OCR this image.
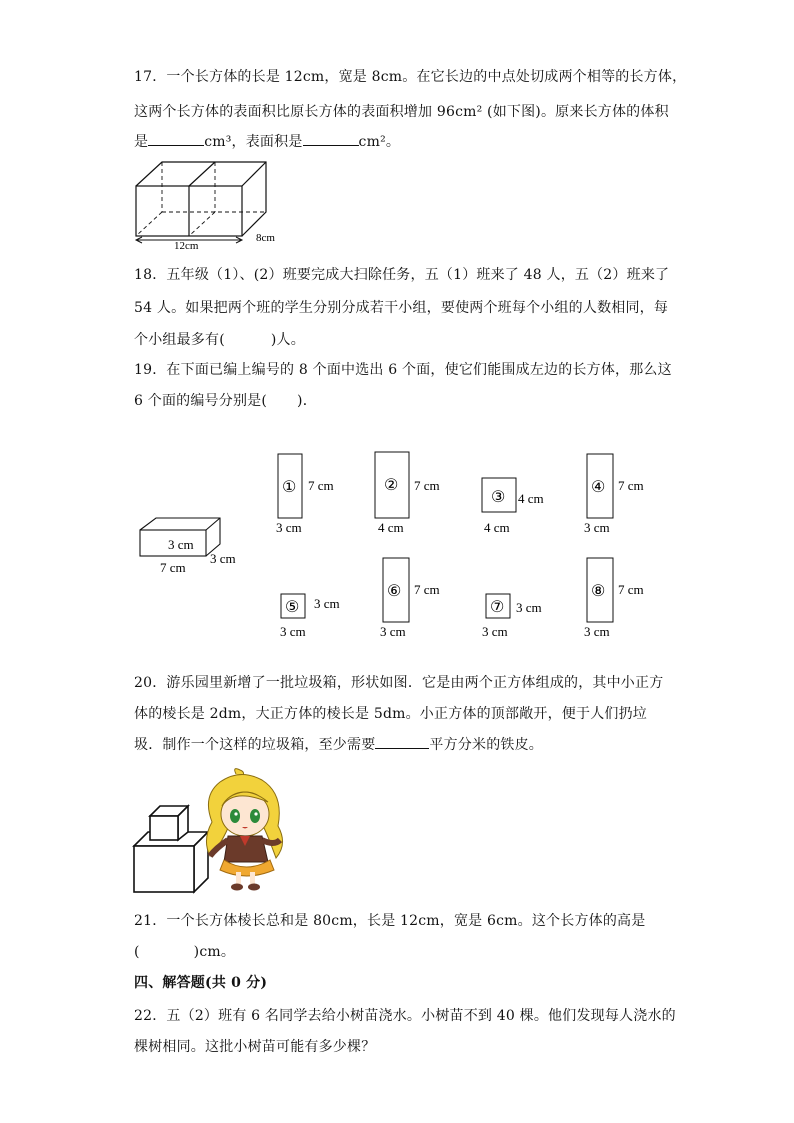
17．一个长方体的长是 12cm，宽是 8cm。在它长边的中点处切成两个相等的长方体，
这两个长方体的表面积比原长方体的表面积增加 96cm² (如下图)。原来长方体的体积
是	cm³，表面积是	cm²。
12cm
8cm
18．五年级（1）、(2）班要完成大扫除任务，五（1）班来了 48 人，五（2）班来了
54 人。如果把两个班的学生分别分成若干小组，要使两个班每个小组的人数相同，每
个小组最多有(	)人。
19．在下面已编上编号的 8 个面中选出 6 个面，使它们能围成左边的长方体，那么这
6 个面的编号分别是( )．
3 cm
7 cm
3 cm
① 7 cm
3 cm
② 7 cm
4 cm
③ 4 cm
4 cm
④ 7 cm
3 cm
⑤ 3 cm
3 cm
⑥ 7 cm
3 cm
⑦ 3 cm
3 cm
⑧ 7 cm
3 cm
20．游乐园里新增了一批垃圾箱，形状如图．它是由两个正方体组成的，其中小正方
体的棱长是 2dm，大正方体的棱长是 5dm。小正方体的顶部敞开，便于人们扔垃
圾．制作一个这样的垃圾箱，至少需要	平方分米的铁皮。
21．一个长方体棱长总和是 80cm，长是 12cm，宽是 6cm。这个长方体的高是
(	)cm。
四、解答题(共 0 分)
22．五（2）班有 6 名同学去给小树苗浇水。小树苗不到 40 棵。他们发现每人浇水的
棵树相同。这批小树苗可能有多少棵？
